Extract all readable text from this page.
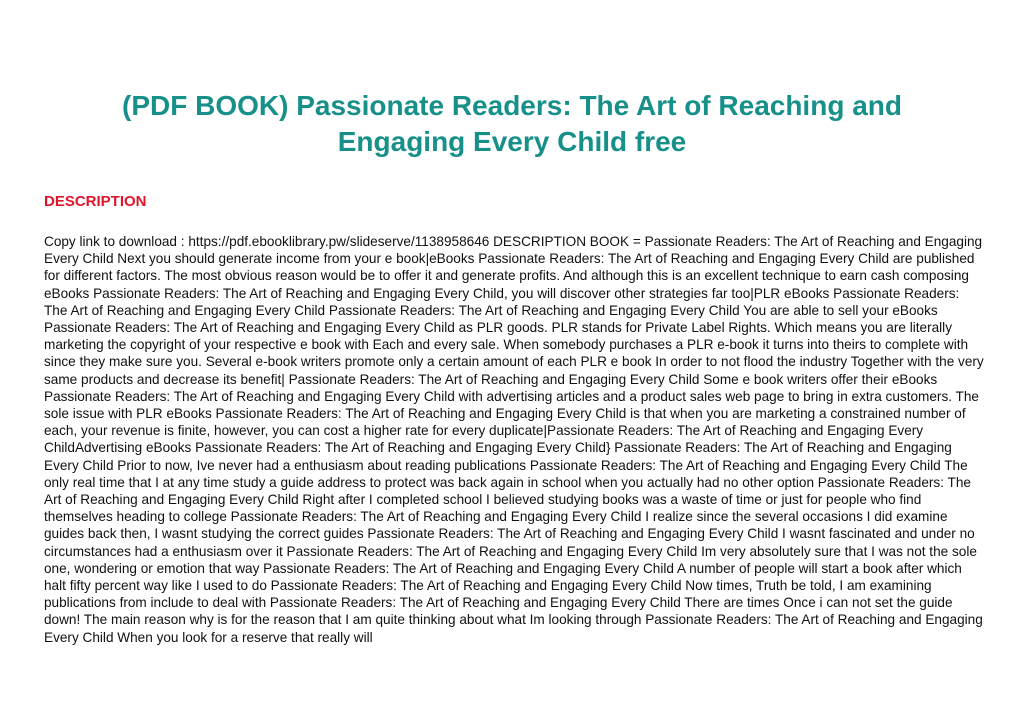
(PDF BOOK) Passionate Readers: The Art of Reaching and Engaging Every Child free
DESCRIPTION

Copy link to download : https://pdf.ebooklibrary.pw/slideserve/1138958646 DESCRIPTION BOOK = Passionate Readers: The Art of Reaching and Engaging Every Child Next you should generate income from your e book|eBooks Passionate Readers: The Art of Reaching and Engaging Every Child are published for different factors. The most obvious reason would be to offer it and generate profits. And although this is an excellent technique to earn cash composing eBooks Passionate Readers: The Art of Reaching and Engaging Every Child, you will discover other strategies far too|PLR eBooks Passionate Readers: The Art of Reaching and Engaging Every Child Passionate Readers: The Art of Reaching and Engaging Every Child You are able to sell your eBooks Passionate Readers: The Art of Reaching and Engaging Every Child as PLR goods. PLR stands for Private Label Rights. Which means you are literally marketing the copyright of your respective e book with Each and every sale. When somebody purchases a PLR e-book it turns into theirs to complete with since they make sure you. Several e-book writers promote only a certain amount of each PLR e book In order to not flood the industry Together with the very same products and decrease its benefit| Passionate Readers: The Art of Reaching and Engaging Every Child Some e book writers offer their eBooks Passionate Readers: The Art of Reaching and Engaging Every Child with advertising articles and a product sales web page to bring in extra customers. The sole issue with PLR eBooks Passionate Readers: The Art of Reaching and Engaging Every Child is that when you are marketing a constrained number of each, your revenue is finite, however, you can cost a higher rate for every duplicate|Passionate Readers: The Art of Reaching and Engaging Every ChildAdvertising eBooks Passionate Readers: The Art of Reaching and Engaging Every Child} Passionate Readers: The Art of Reaching and Engaging Every Child Prior to now, Ive never had a enthusiasm about reading publications Passionate Readers: The Art of Reaching and Engaging Every Child The only real time that I at any time study a guide address to protect was back again in school when you actually had no other option Passionate Readers: The Art of Reaching and Engaging Every Child Right after I completed school I believed studying books was a waste of time or just for people who find themselves heading to college Passionate Readers: The Art of Reaching and Engaging Every Child I realize since the several occasions I did examine guides back then, I wasnt studying the correct guides Passionate Readers: The Art of Reaching and Engaging Every Child I wasnt fascinated and under no circumstances had a enthusiasm over it Passionate Readers: The Art of Reaching and Engaging Every Child Im very absolutely sure that I was not the sole one, wondering or emotion that way Passionate Readers: The Art of Reaching and Engaging Every Child A number of people will start a book after which halt fifty percent way like I used to do Passionate Readers: The Art of Reaching and Engaging Every Child Now times, Truth be told, I am examining publications from include to deal with Passionate Readers: The Art of Reaching and Engaging Every Child There are times Once i can not set the guide down! The main reason why is for the reason that I am quite thinking about what Im looking through Passionate Readers: The Art of Reaching and Engaging Every Child When you look for a reserve that really will
